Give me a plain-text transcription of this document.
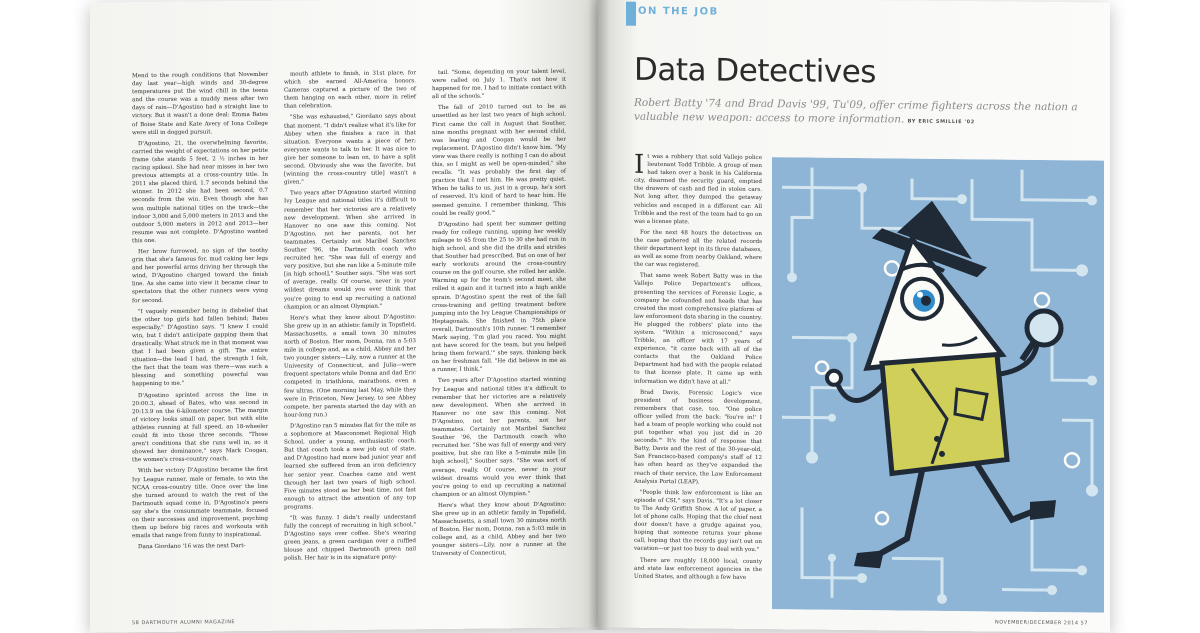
Mend to the rough conditions that November day last year—high winds and 30-degree temperatures put the wind chill in the teens and the course was a muddy mess after two days of rain—D'Agostino had a straight line to victory. But it wasn't a done deal: Emma Bates of Boise State and Kate Avery of Iona College were still in dogged pursuit.

D'Agostino, 21, the overwhelming favorite, carried the weight of expectations on her petite frame (she stands 5 feet, 2 ½ inches in her racing spikes). She had near misses in her two previous attempts at a cross-country title. In 2011 she placed third, 1.7 seconds behind the winner. In 2012 she had been second, 0.7 seconds from the win. Even though she has won multiple national titles on the track—the indoor 3,000 and 5,000 meters in 2013 and the outdoor 5,000 meters in 2012 and 2013—her resume was not complete. D'Agostino wanted this one.

Her brow furrowed, no sign of the toothy grin that she's famous for, mud caking her legs and her powerful arms driving her through the wind, D'Agostino charged toward the finish line. As she came into view it became clear to spectators that the other runners were vying for second.

"I vaguely remember being in disbelief that the other top girls had fallen behind; Bates especially," D'Agostino says. "I knew I could win, but I didn't anticipate gapping them that drastically. What struck me in that moment was that I had been given a gift. The entire situation—the lead I had, the strength I felt, the fact that the team was there—was such a blessing and something powerful was happening to me."

D'Agostino sprinted across the line in 20:00.3, ahead of Bates, who was second in 20:13.9 on the 6-kilometer course. The margin of victory looks small on paper, but with elite athletes running at full speed, an 18-wheeler could fit into those three seconds. "Those aren't conditions that she runs well in, so it showed her dominance," says Mark Coogan, the women's cross-country coach.

With her victory D'Agostino became the first Ivy League runner, male or female, to win the NCAA cross-country title. Once over the line she turned around to watch the rest of the Dartmouth squad come in, D'Agostino's peers say she's the consummate teammate, focused on their successes and improvement, psyching them up before big races and workouts with emails that range from funny to inspirational.

Dana Giordano '16 was the next Dart-

mouth athlete to finish, in 31st place, for which she earned All-America honors. Cameras captured a picture of the two of them hanging on each other, more in relief than celebration.

"She was exhausted," Giordano says about that moment. "I didn't realize what it's like for Abbey when she finishes a race in that situation. Everyone wants a piece of her; everyone wants to talk to her. It was nice to give her someone to lean on, to have a split second. Obviously she was the favorite, but [winning the cross-country title] wasn't a given."

Two years after D'Agostino started winning Ivy League and national titles it's difficult to remember that her victories are a relatively new development. When she arrived in Hanover no one saw this coming. Not D'Agostino, not her parents, not her teammates. Certainly not Maribel Sanchez Souther '96, the Dartmouth coach who recruited her. "She was full of energy and very positive, but she ran like a 5-minute mile [in high school]," Souther says. "She was sort of average, really. Of course, never in your wildest dreams would you ever think that you're going to end up recruiting a national champion or an almost Olympian."

Here's what they know about D'Agostino: She grew up in an athletic family in Topsfield, Massachusetts, a small town 30 minutes north of Boston. Her mom, Donna, ran a 5:03 mile in college and, as a child, Abbey and her two younger sisters—Lily, now a runner at the University of Connecticut, and Julia—were frequent spectators while Donna and dad Eric competed in triathlons, marathons, even a few ultras. (One morning last May, while they were in Princeton, New Jersey, to see Abbey compete, her parents started the day with an hour-long run.)

D'Agostino ran 5 minutes flat for the mile as a sophomore at Masconomet Regional High School, under a young, enthusiastic coach. But that coach took a new job out of state, and D'Agostino had more bad junior year and learned she suffered from an iron deficiency her senior year. Coaches came and went through her last two years of high school. Five minutes stood as her best time, not fast enough to attract the attention of any top programs.

"It was funny. I didn't really understand fully the concept of recruiting in high school," D'Agostino says over coffee. She's wearing green jeans, a green cardigan over a ruffled blouse and chipped Dartmouth green nail polish. Her hair is in its signature pony-

tail. "Some, depending on your talent level, were called on July 1. That's not how it happened for me. I had to initiate contact with all of the schools."

The fall of 2010 turned out to be as unsettled as her last two years of high school. First came the call in August that Souther, nine months pregnant with her second child, was leaving and Coogan would be her replacement. D'Agostino didn't know him. "My view was there really is nothing I can do about this, so I might as well be open-minded," she recalls. "It was probably the first day of practice that I met him. He was pretty quiet. When he talks to us, just in a group, he's sort of reserved. It's kind of hard to hear him. He seemed genuine. I remember thinking, 'This could be really good.'"

D'Agostino had spent her summer getting ready for college running, upping her weekly mileage to 45 from the 25 to 30 she had run in high school, and she did the drills and strides that Souther had prescribed. But on one of her early workouts around the cross-country course on the golf course, she rolled her ankle. Warming up for the team's second meet, she rolled it again and it turned into a high ankle sprain. D'Agostino spent the rest of the fall cross-training and getting treatment before jumping into the Ivy League Championships or Heptagonals. She finished in 75th place overall, Dartmouth's 10th runner. "I remember Mark saying, 'I'm glad you raced. You might not have scored for the team, but you helped bring them forward,'" she says, thinking back on her freshman fall. "He did believe in me as a runner, I think."

Two years after D'Agostino started winning Ivy League and national titles it's difficult to remember that her victories are a relatively new development. When she arrived in Hanover no one saw this coming. Not D'Agostino, not her parents, not her teammates. Certainly not Maribel Sanchez Souther '96, the Dartmouth coach who recruited her. "She was full of energy and very positive, but she ran like a 5-minute mile [in high school]," Souther says. "She was sort of average, really. Of course, never in your wildest dreams would you ever think that you're going to end up recruiting a national champion or an almost Olympian."

Here's what they know about D'Agostino: She grew up in an athletic family in Topsfield, Massachusetts, a small town 30 minutes north of Boston. Her mom, Donna, ran a 5:03 mile in college and, as a child, Abbey and her two younger sisters—Lily, now a runner at the University of Connecticut,

58 DARTMOUTH ALUMNI MAGAZINE
ON THE JOB
Data Detectives
Robert Batty '74 and Brad Davis '99, Tu'09, offer crime fighters across the nation a valuable new weapon: access to more information. BY ERIC SMILLIE '02

It was a robbery that sold Vallejo police lieutenant Todd Tribble. A group of men had taken over a bank in his California city, disarmed the security guard, emptied the drawers of cash and fled in stolen cars. Not long after, they dumped the getaway vehicles and escaped in a different car. All Tribble and the rest of the team had to go on was a license plate.

For the next 48 hours the detectives on the case gathered all the related records their department kept in its three databases, as well as some from nearby Oakland, where the car was registered.

That same week Robert Batty was in the Vallejo Police Department's offices, presenting the services of Forensic Logic, a company he cofounded and heads that has created the most comprehensive platform of law enforcement data sharing in the country. He plugged the robbers' plate into the system. "Within a microsecond," says Tribble, an officer with 17 years of experience, "it came back with all of the contacts that the Oakland Police Department had had with the people related to that license plate. It came up with information we didn't have at all."

Brad Davis, Forensic Logic's vice president of business development, remembers that case, too. "One police officer yelled from the back: 'You're in!' I had a team of people working who could not put together what you just did in 20 seconds.'" It's the kind of response that Batty, Davis and the rest of the 30-year-old, San Francisco-based company's staff of 12 has often heard as they've expanded the reach of their service, the Law Enforcement Analysis Portal (LEAP).

"People think law enforcement is like an episode of CSI," says Davis. "It's a lot closer to The Andy Griffith Show. A lot of paper, a lot of phone calls. Hoping that the chief next door doesn't have a grudge against you, hoping that someone returns your phone call, hoping that the records guy isn't out on vacation—or just too busy to deal with you."

There are roughly 18,000 local, county and state law enforcement agencies in the United States, and although a few have

NOVEMBER/DECEMBER 2014 57
